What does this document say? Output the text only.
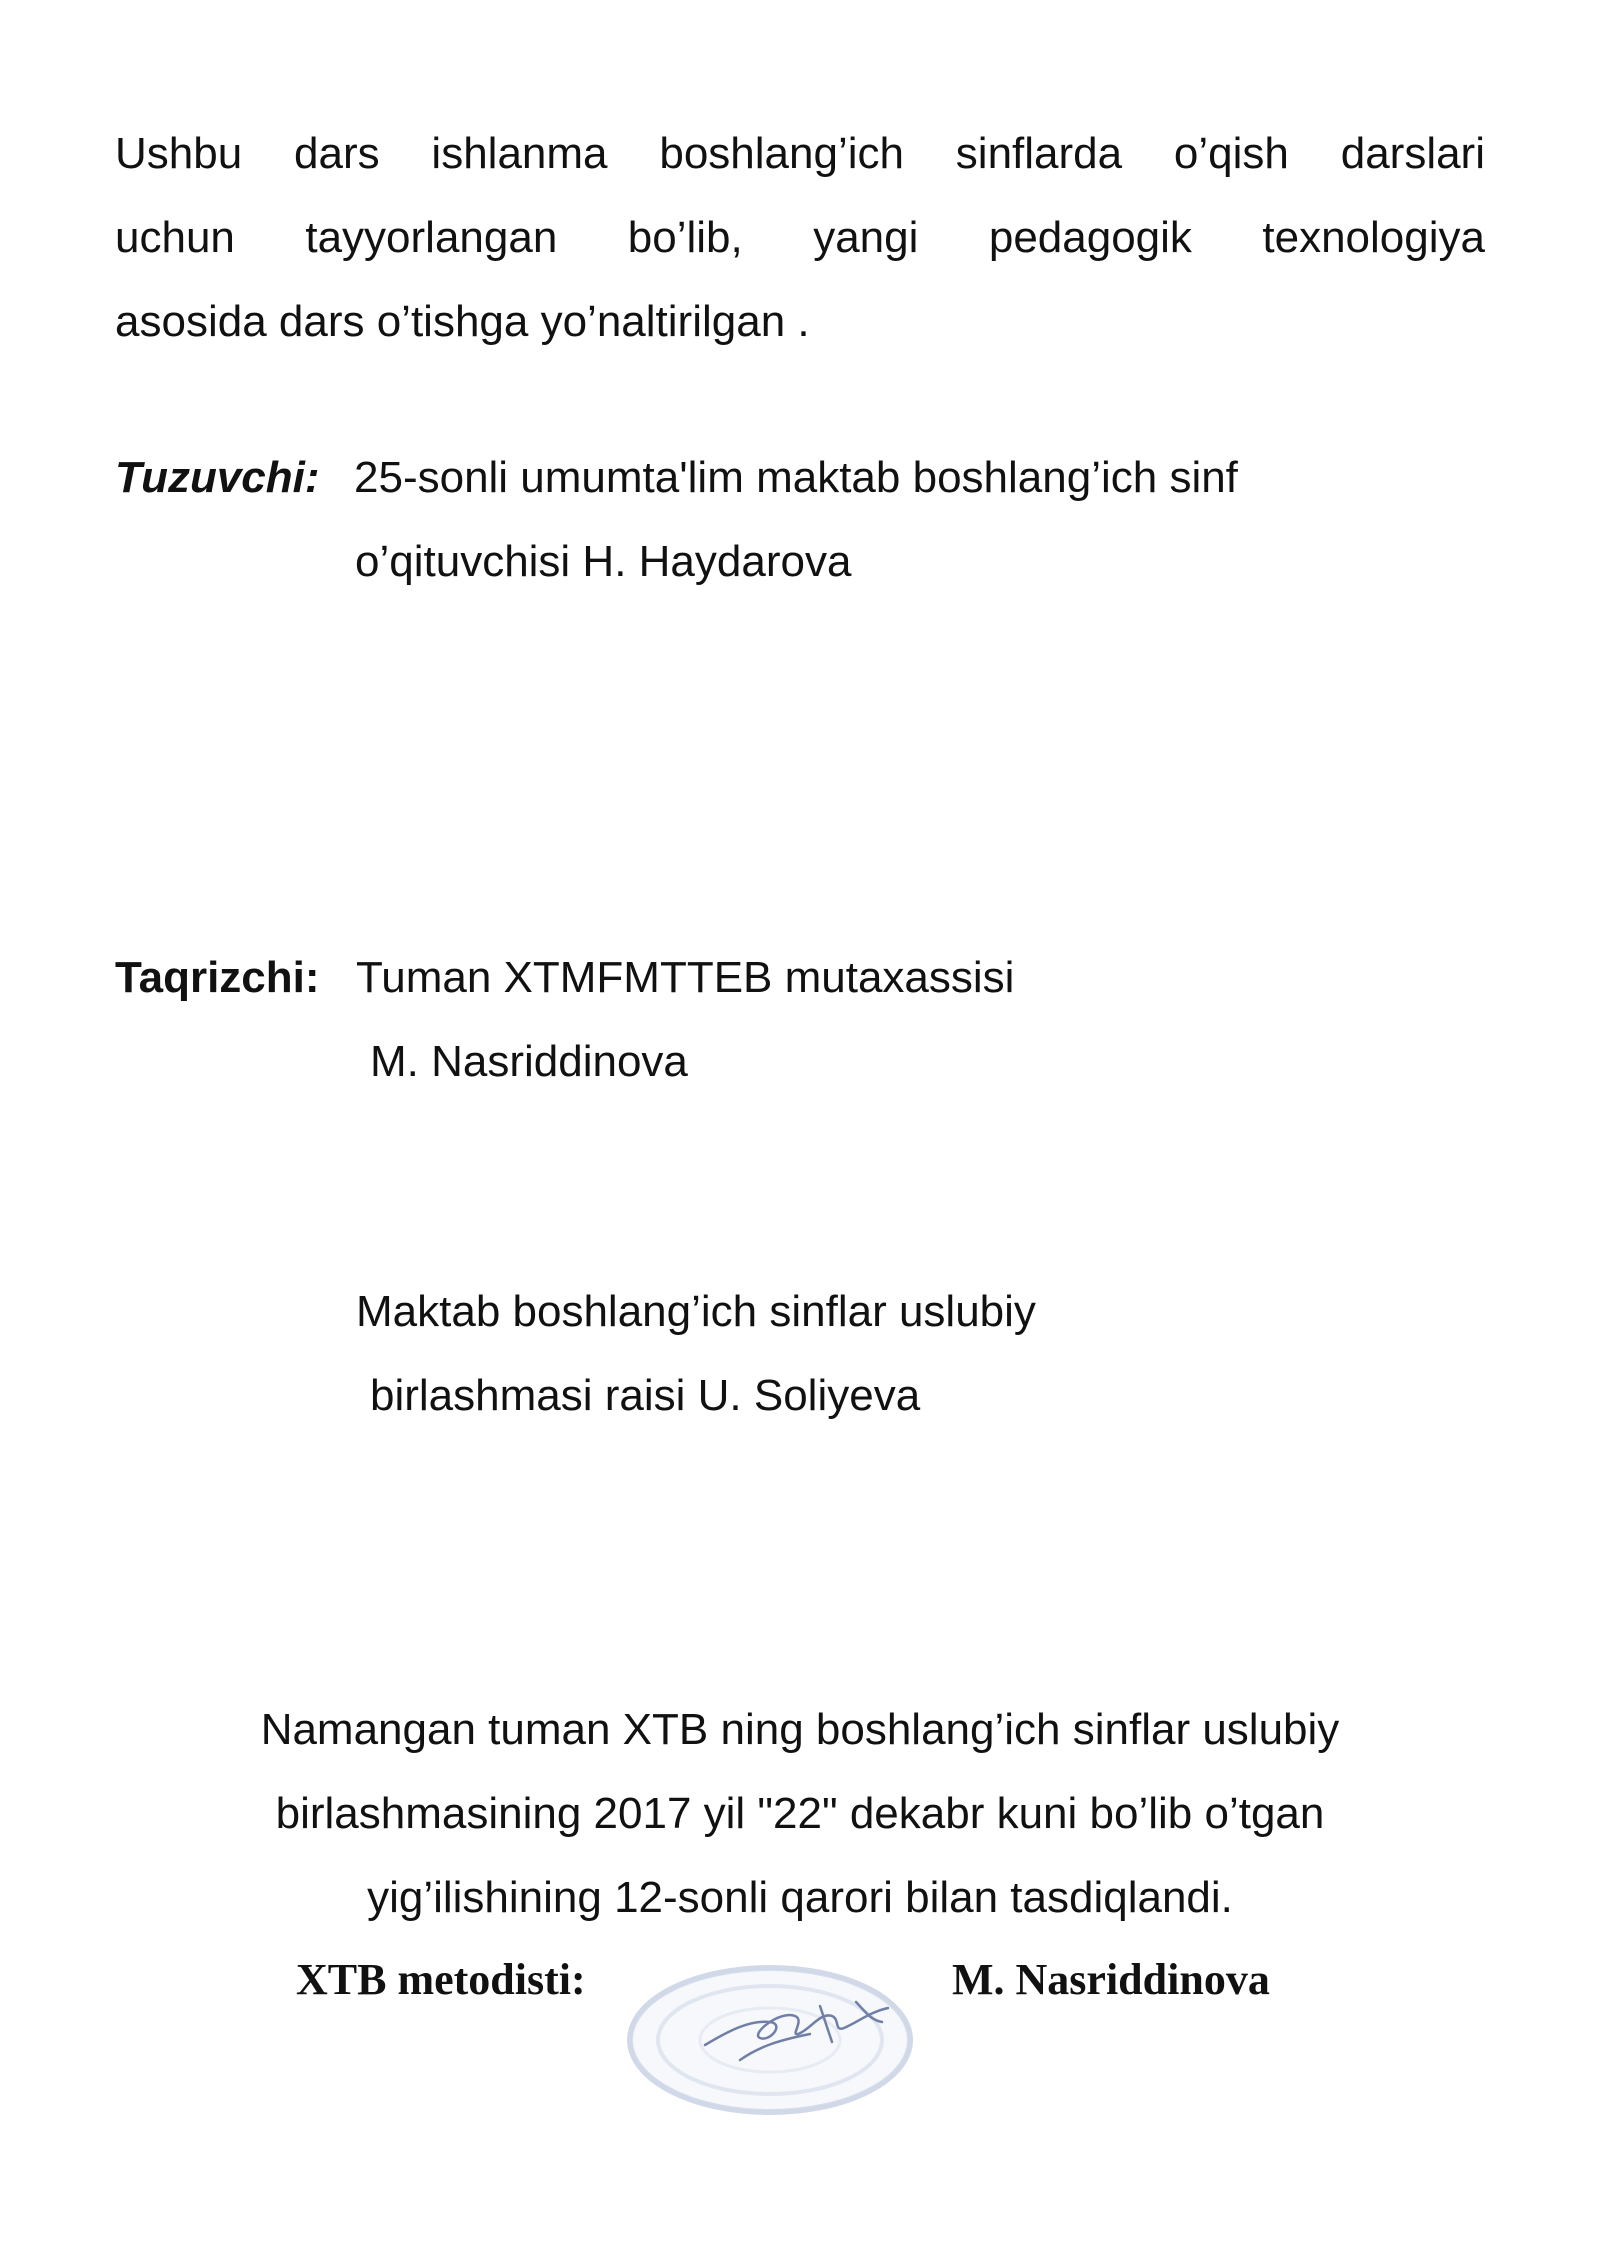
Ushbu dars ishlanma boshlang’ich sinflarda o’qish darslari
uchun tayyorlangan bo’lib, yangi pedagogik texnologiya
asosida dars o’tishga yo’naltirilgan .
Tuzuvchi: 25-sonli umumta'lim maktab boshlang’ich sinf
o’qituvchisi H. Haydarova
Taqrizchi: Tuman XTMFMTTEB mutaxassisi
M. Nasriddinova
Maktab boshlang’ich sinflar uslubiy
birlashmasi raisi U. Soliyeva
Namangan tuman XTB ning boshlang’ich sinflar uslubiy
birlashmasining 2017 yil "22" dekabr kuni bo’lib o’tgan
yig’ilishining 12-sonli qarori bilan tasdiqlandi.
XTB metodisti:	M. Nasriddinova
